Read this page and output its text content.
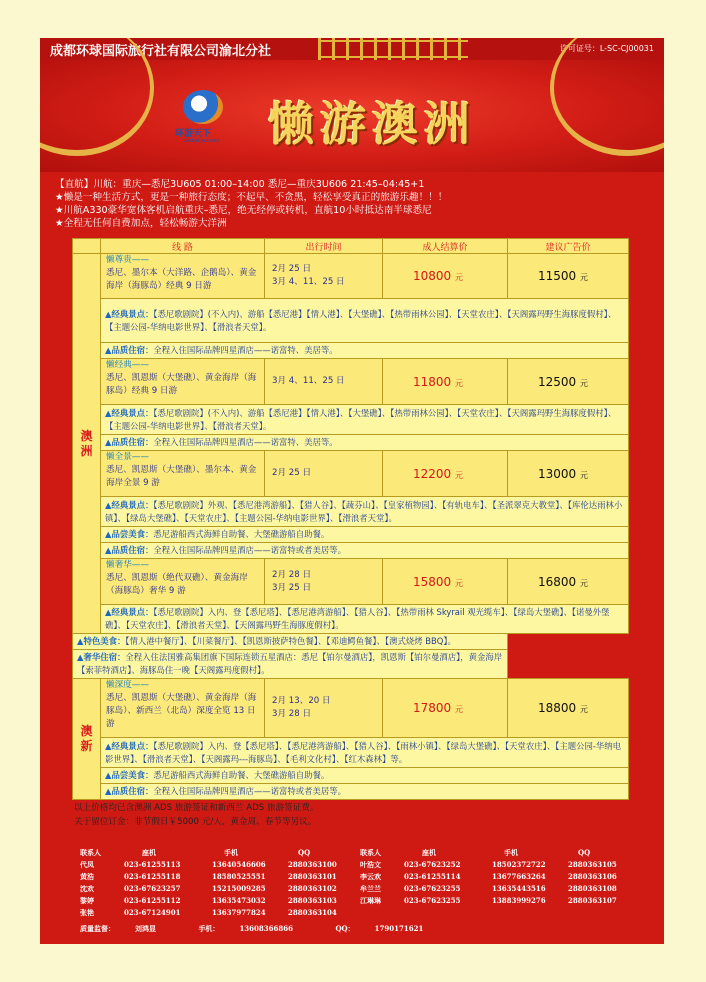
成都环球国际旅行社有限公司渝北分社	许可证号：L-SC-CJ00031
环游天下
Global Journey 懒游澳洲
【直航】川航：重庆—悉尼3U605 01:00–14:00 悉尼—重庆3U606 21:45–04:45+1
★懒是一种生活方式，更是一种旅行态度；不起早、不贪黑，轻松享受真正的旅游乐趣！！！
★川航A330豪华宽体客机启航重庆–悉尼，绝无经停或转机，直航10小时抵达南半球悉尼
★全程无任何自费加点，轻松畅游大洋洲
	线 路	出行时间	成人结算价	建议广告价
澳
洲	懒尊贵——
悉尼、墨尔本（大洋路、企鹅岛）、黄金海岸（海豚岛）经典 9 日游	2月 25 日
3月 4、11、25 日	10800 元	11500 元
	▲经典景点：【悉尼歌剧院】(不入内)、游船【悉尼港】【情人港】、【大堡礁】、【热带雨林公园】、【天堂农庄】、【天阁露玛野生海豚度假村】、【主题公园-华纳电影世界】、【滑浪者天堂】。			
	▲品质住宿：全程入住国际品牌四星酒店——诺富特、美居等。			
	懒经典——
悉尼、凯恩斯（大堡礁）、黄金海岸（海豚岛）经典 9 日游	3月 4、11、25 日	11800 元	12500 元
	▲经典景点：【悉尼歌剧院】(不入内)、游船【悉尼港】【情人港】、【大堡礁】、【热带雨林公园】、【天堂农庄】、【天阁露玛野生海豚度假村】、【主题公园-华纳电影世界】、【滑浪者天堂】。			
	▲品质住宿：全程入住国际品牌四星酒店——诺富特、美居等。			
	懒全景——
悉尼、凯恩斯（大堡礁）、墨尔本、黄金海岸全景 9 游	2月 25 日	12200 元	13000 元
	▲经典景点：【悉尼歌剧院】外观、【悉尼港湾游船】、【猎人谷】、【蔬芬山】、【皇家植物园】、【有轨电车】、【圣派翠克大教堂】、【库伦达雨林小镇】、【绿岛大堡礁】、【天堂农庄】、【主题公园-华纳电影世界】、【滑浪者天堂】。			
	▲品尝美食：悉尼游船西式海鲜自助餐、大堡礁游船自助餐。			
	▲品质住宿：全程入住国际品牌四星酒店——诺富特或者美居等。			
	懒奢华——
悉尼、凯恩斯（绝代双礁）、黄金海岸（海豚岛）奢华 9 游	2月 28 日
3月 25 日	15800 元	16800 元
	▲经典景点：【悉尼歌剧院】入内、登【悉尼塔】、【悉尼港湾游船】、【猎人谷】、【热带雨林 Skyrail 观光缆车】、【绿岛大堡礁】、【诺曼外堡礁】、【天堂农庄】、【滑浪者天堂】、【天阁露玛野生海豚度假村】。			
▲特色美食：【情人港中餐厅】、【川菜餐厅】、【凯恩斯披萨特色餐】、【邓迪鳄鱼餐】、【澳式烧烤 BBQ】。				
▲奢华住宿：全程入住法国雅高集团旗下国际连锁五星酒店：悉尼【铂尔曼酒店】，凯恩斯【铂尔曼酒店】，黄金海岸【索菲特酒店】、海豚岛住一晚【天阁露玛度假村】。				
澳
新	懒深度——
悉尼、凯恩斯（大堡礁）、黄金海岸（海豚岛）、新西兰（北岛）深度全览 13 日游	2月 13、20 日
3月 28 日	17800 元	18800 元
	▲经典景点：【悉尼歌剧院】入内、登【悉尼塔】、【悉尼港湾游船】、【猎人谷】、【雨林小镇】、【绿岛大堡礁】、【天堂农庄】、【主题公园-华纳电影世界】、【滑浪者天堂】、【天阁露玛---海豚岛】、【毛利文化村】、【红木森林】等。			
	▲品尝美食：悉尼游船西式海鲜自助餐、大堡礁游船自助餐。			
	▲品质住宿：全程入住国际品牌四星酒店——诺富特或者美居等。			
以上价格均已含澳洲 ADS 旅游签证和新西兰 ADS 旅游签证费。
关于留位订金：非节假日￥5000 元/人，黄金周、春节等另议。
联系人	座机	手机	QQ	联系人	座机	手机	QQ
代凤	023-61255113	13640546606	2880363100	叶浩文	023-67623252	18502372722	2880363105
黄浩	023-61255118	18580525551	2880363101	李云欢	023-61255114	13677663264	2880363106
沈欢	023-67623257	15215009285	2880363102	牟兰兰	023-67623255	13635443516	2880363108
黎婷	023-61255112	13635473032	2880363103	江琳琳	023-67623255	13883999276	2880363107
张艳	023-67124901	13637977824	2880363104
质量监督：	刘鸿显	手机：	13608366866	QQ：	1790171621
